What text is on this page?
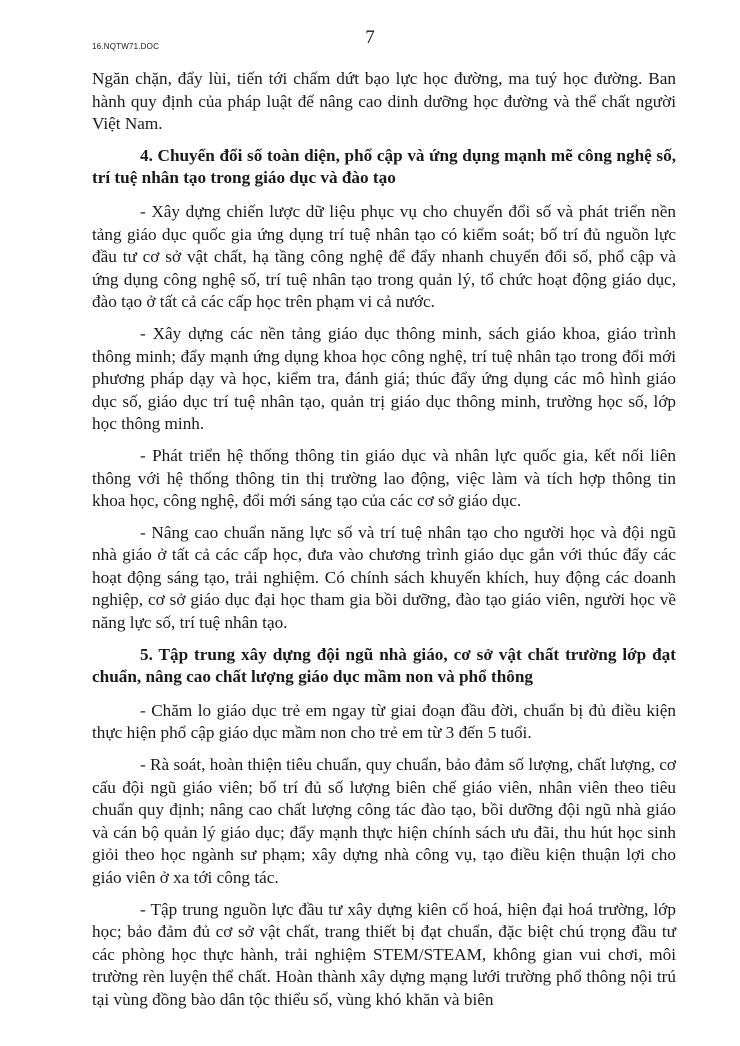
7
16.NQTW71.DOC

Ngăn chặn, đẩy lùi, tiến tới chấm dứt bạo lực học đường, ma tuý học đường. Ban hành quy định của pháp luật để nâng cao dinh dưỡng học đường và thể chất người Việt Nam.

4. Chuyển đổi số toàn diện, phổ cập và ứng dụng mạnh mẽ công nghệ số, trí tuệ nhân tạo trong giáo dục và đào tạo

- Xây dựng chiến lược dữ liệu phục vụ cho chuyển đổi số và phát triển nền tảng giáo dục quốc gia ứng dụng trí tuệ nhân tạo có kiểm soát; bố trí đủ nguồn lực đầu tư cơ sở vật chất, hạ tầng công nghệ để đẩy nhanh chuyển đổi số, phổ cập và ứng dụng công nghệ số, trí tuệ nhân tạo trong quản lý, tổ chức hoạt động giáo dục, đào tạo ở tất cả các cấp học trên phạm vi cả nước.

- Xây dựng các nền tảng giáo dục thông minh, sách giáo khoa, giáo trình thông minh; đẩy mạnh ứng dụng khoa học công nghệ, trí tuệ nhân tạo trong đổi mới phương pháp dạy và học, kiểm tra, đánh giá; thúc đẩy ứng dụng các mô hình giáo dục số, giáo dục trí tuệ nhân tạo, quản trị giáo dục thông minh, trường học số, lớp học thông minh.

- Phát triển hệ thống thông tin giáo dục và nhân lực quốc gia, kết nối liên thông với hệ thống thông tin thị trường lao động, việc làm và tích hợp thông tin khoa học, công nghệ, đổi mới sáng tạo của các cơ sở giáo dục.

- Nâng cao chuẩn năng lực số và trí tuệ nhân tạo cho người học và đội ngũ nhà giáo ở tất cả các cấp học, đưa vào chương trình giáo dục gắn với thúc đẩy các hoạt động sáng tạo, trải nghiệm. Có chính sách khuyến khích, huy động các doanh nghiệp, cơ sở giáo dục đại học tham gia bồi dưỡng, đào tạo giáo viên, người học về năng lực số, trí tuệ nhân tạo.

5. Tập trung xây dựng đội ngũ nhà giáo, cơ sở vật chất trường lớp đạt chuẩn, nâng cao chất lượng giáo dục mầm non và phổ thông

- Chăm lo giáo dục trẻ em ngay từ giai đoạn đầu đời, chuẩn bị đủ điều kiện thực hiện phổ cập giáo dục mầm non cho trẻ em từ 3 đến 5 tuổi.

- Rà soát, hoàn thiện tiêu chuẩn, quy chuẩn, bảo đảm số lượng, chất lượng, cơ cấu đội ngũ giáo viên; bố trí đủ số lượng biên chế giáo viên, nhân viên theo tiêu chuẩn quy định; nâng cao chất lượng công tác đào tạo, bồi dưỡng đội ngũ nhà giáo và cán bộ quản lý giáo dục; đẩy mạnh thực hiện chính sách ưu đãi, thu hút học sinh giỏi theo học ngành sư phạm; xây dựng nhà công vụ, tạo điều kiện thuận lợi cho giáo viên ở xa tới công tác.

- Tập trung nguồn lực đầu tư xây dựng kiên cố hoá, hiện đại hoá trường, lớp học; bảo đảm đủ cơ sở vật chất, trang thiết bị đạt chuẩn, đặc biệt chú trọng đầu tư các phòng học thực hành, trải nghiệm STEM/STEAM, không gian vui chơi, môi trường rèn luyện thể chất. Hoàn thành xây dựng mạng lưới trường phổ thông nội trú tại vùng đồng bào dân tộc thiểu số, vùng khó khăn và biên
